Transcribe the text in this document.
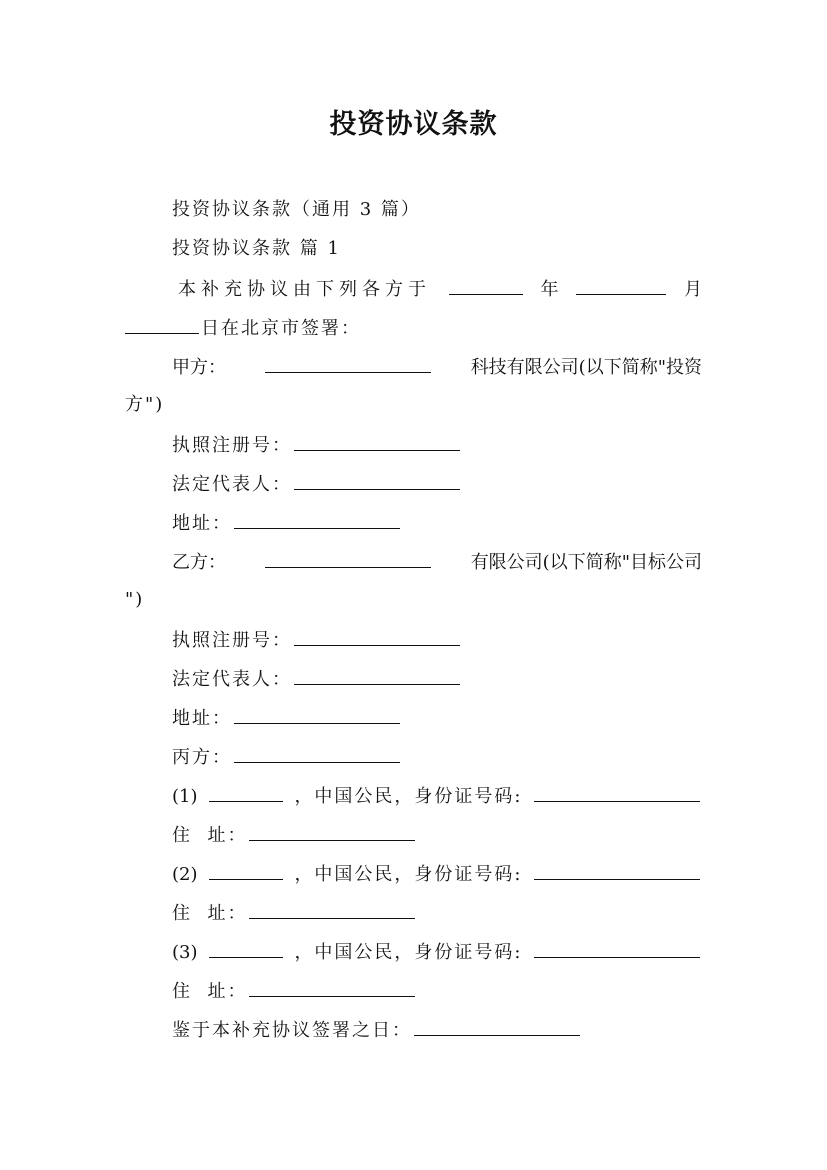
投资协议条款
投资协议条款（通用 3 篇）
投资协议条款 篇 1
本补充协议由下列各方于	年	月
日在北京市签署：
甲方：	科技有限公司(以下简称"投资
方")
执照注册号：
法定代表人：
地址：
乙方：	有限公司(以下简称"目标公司
")
执照注册号：
法定代表人：
地址：
丙方：
(1)	，中国公民，身份证号码:
住  址：
(2)	，中国公民，身份证号码:
住  址：
(3)	，中国公民，身份证号码:
住  址：
鉴于本补充协议签署之日：
